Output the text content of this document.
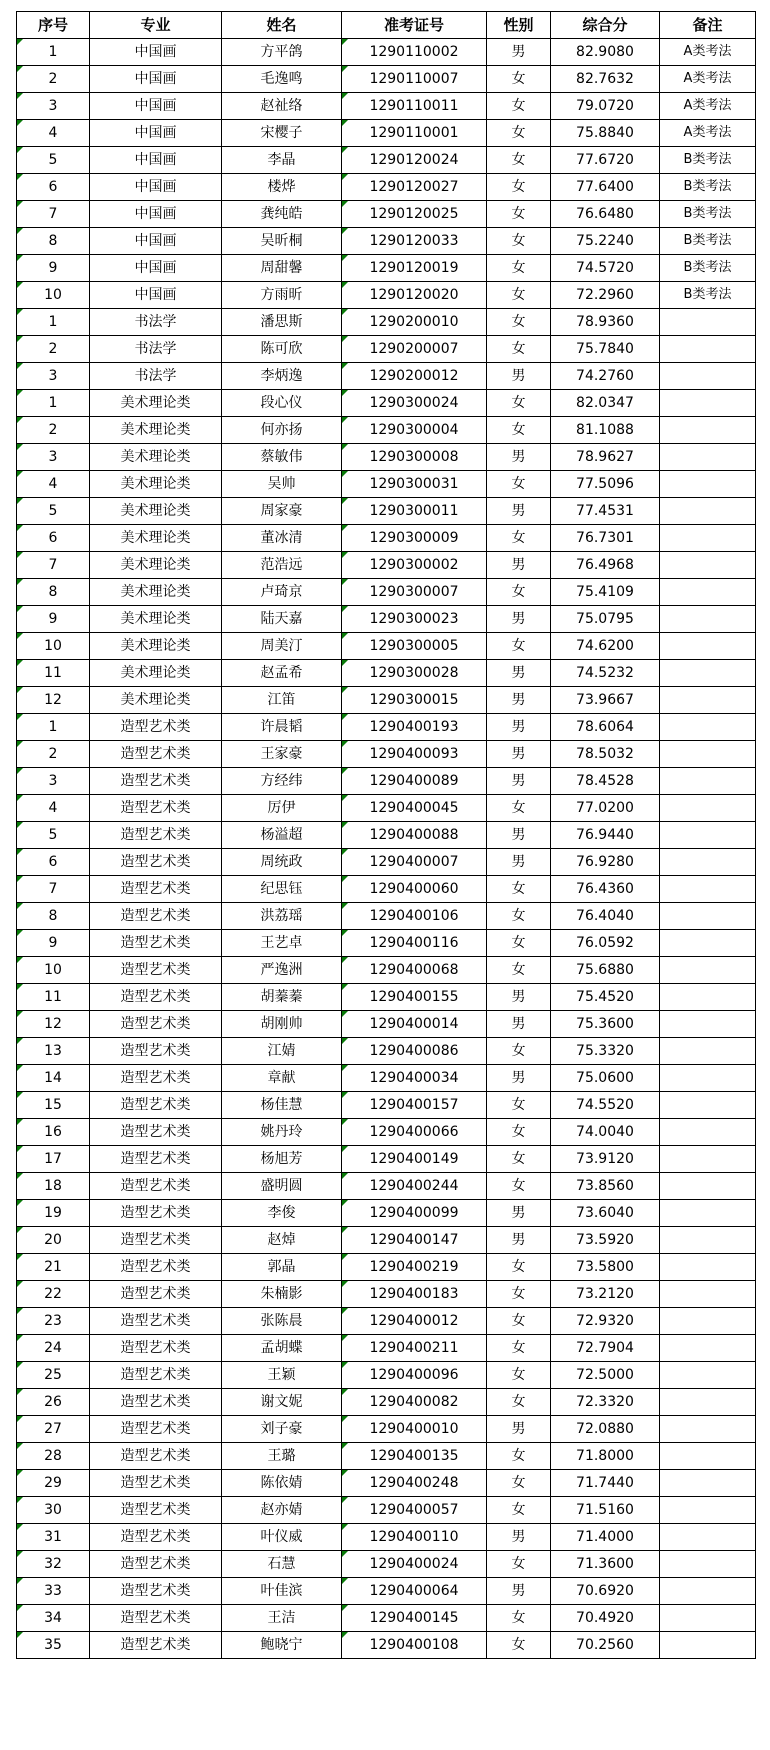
序号	专业	姓名	准考证号	性别	综合分	备注
1	中国画	方平鸽	1290110002	男	82.9080	A类考法
2	中国画	毛逸鸣	1290110007	女	82.7632	A类考法
3	中国画	赵祉络	1290110011	女	79.0720	A类考法
4	中国画	宋樱子	1290110001	女	75.8840	A类考法
5	中国画	李晶	1290120024	女	77.6720	B类考法
6	中国画	楼烨	1290120027	女	77.6400	B类考法
7	中国画	龚纯皓	1290120025	女	76.6480	B类考法
8	中国画	吴昕桐	1290120033	女	75.2240	B类考法
9	中国画	周甜馨	1290120019	女	74.5720	B类考法
10	中国画	方雨昕	1290120020	女	72.2960	B类考法
1	书法学	潘思斯	1290200010	女	78.9360	
2	书法学	陈可欣	1290200007	女	75.7840	
3	书法学	李炳逸	1290200012	男	74.2760	
1	美术理论类	段心仪	1290300024	女	82.0347	
2	美术理论类	何亦扬	1290300004	女	81.1088	
3	美术理论类	蔡敏伟	1290300008	男	78.9627	
4	美术理论类	吴帅	1290300031	女	77.5096	
5	美术理论类	周家豪	1290300011	男	77.4531	
6	美术理论类	董冰清	1290300009	女	76.7301	
7	美术理论类	范浩远	1290300002	男	76.4968	
8	美术理论类	卢琦京	1290300007	女	75.4109	
9	美术理论类	陆天嘉	1290300023	男	75.0795	
10	美术理论类	周美汀	1290300005	女	74.6200	
11	美术理论类	赵孟希	1290300028	男	74.5232	
12	美术理论类	江笛	1290300015	男	73.9667	
1	造型艺术类	许晨韬	1290400193	男	78.6064	
2	造型艺术类	王家豪	1290400093	男	78.5032	
3	造型艺术类	方经纬	1290400089	男	78.4528	
4	造型艺术类	厉伊	1290400045	女	77.0200	
5	造型艺术类	杨溢超	1290400088	男	76.9440	
6	造型艺术类	周统政	1290400007	男	76.9280	
7	造型艺术类	纪思钰	1290400060	女	76.4360	
8	造型艺术类	洪荔瑶	1290400106	女	76.4040	
9	造型艺术类	王艺卓	1290400116	女	76.0592	
10	造型艺术类	严逸洲	1290400068	女	75.6880	
11	造型艺术类	胡蓁蓁	1290400155	男	75.4520	
12	造型艺术类	胡刚帅	1290400014	男	75.3600	
13	造型艺术类	江婧	1290400086	女	75.3320	
14	造型艺术类	章献	1290400034	男	75.0600	
15	造型艺术类	杨佳慧	1290400157	女	74.5520	
16	造型艺术类	姚丹玲	1290400066	女	74.0040	
17	造型艺术类	杨旭芳	1290400149	女	73.9120	
18	造型艺术类	盛明圆	1290400244	女	73.8560	
19	造型艺术类	李俊	1290400099	男	73.6040	
20	造型艺术类	赵焯	1290400147	男	73.5920	
21	造型艺术类	郭晶	1290400219	女	73.5800	
22	造型艺术类	朱楠影	1290400183	女	73.2120	
23	造型艺术类	张陈晨	1290400012	女	72.9320	
24	造型艺术类	孟胡蝶	1290400211	女	72.7904	
25	造型艺术类	王颖	1290400096	女	72.5000	
26	造型艺术类	谢文妮	1290400082	女	72.3320	
27	造型艺术类	刘子豪	1290400010	男	72.0880	
28	造型艺术类	王璐	1290400135	女	71.8000	
29	造型艺术类	陈依婧	1290400248	女	71.7440	
30	造型艺术类	赵亦婧	1290400057	女	71.5160	
31	造型艺术类	叶仪威	1290400110	男	71.4000	
32	造型艺术类	石慧	1290400024	女	71.3600	
33	造型艺术类	叶佳滨	1290400064	男	70.6920	
34	造型艺术类	王洁	1290400145	女	70.4920	
35	造型艺术类	鲍晓宁	1290400108	女	70.2560	
